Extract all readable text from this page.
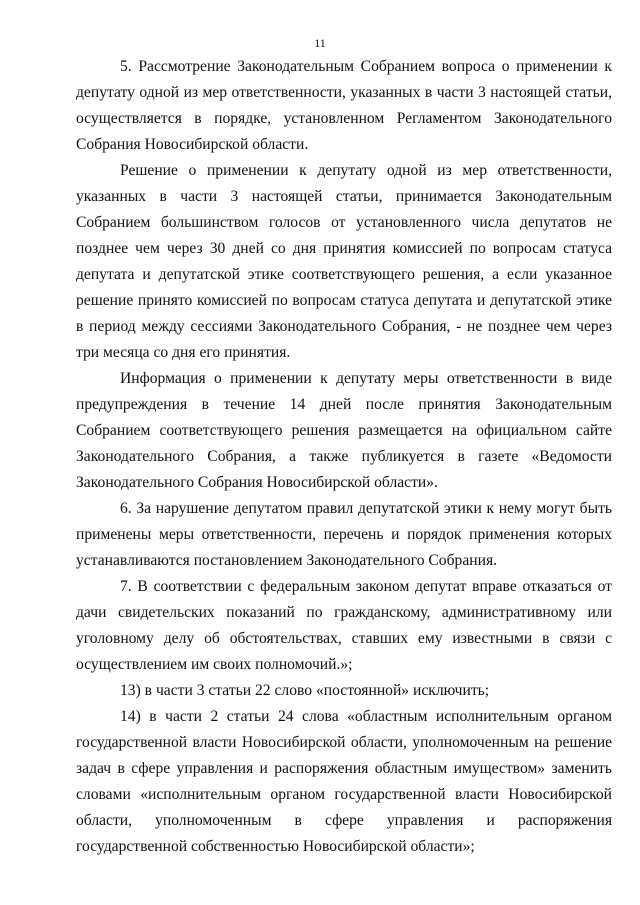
11

5. Рассмотрение Законодательным Собранием вопроса о применении к депутату одной из мер ответственности, указанных в части 3 настоящей статьи, осуществляется в порядке, установленном Регламентом Законодательного Собрания Новосибирской области.

Решение о применении к депутату одной из мер ответственности, указанных в части 3 настоящей статьи, принимается Законодательным Собранием большинством голосов от установленного числа депутатов не позднее чем через 30 дней со дня принятия комиссией по вопросам статуса депутата и депутатской этике соответствующего решения, а если указанное решение принято комиссией по вопросам статуса депутата и депутатской этике в период между сессиями Законодательного Собрания, - не позднее чем через три месяца со дня его принятия.

Информация о применении к депутату меры ответственности в виде предупреждения в течение 14 дней после принятия Законодательным Собранием соответствующего решения размещается на официальном сайте Законодательного Собрания, а также публикуется в газете «Ведомости Законодательного Собрания Новосибирской области».

6. За нарушение депутатом правил депутатской этики к нему могут быть применены меры ответственности, перечень и порядок применения которых устанавливаются постановлением Законодательного Собрания.

7. В соответствии с федеральным законом депутат вправе отказаться от дачи свидетельских показаний по гражданскому, административному или уголовному делу об обстоятельствах, ставших ему известными в связи с осуществлением им своих полномочий.»;

13) в части 3 статьи 22 слово «постоянной» исключить;

14) в части 2 статьи 24 слова «областным исполнительным органом государственной власти Новосибирской области, уполномоченным на решение задач в сфере управления и распоряжения областным имуществом» заменить словами «исполнительным органом государственной власти Новосибирской области, уполномоченным в сфере управления и распоряжения государственной собственностью Новосибирской области»;
